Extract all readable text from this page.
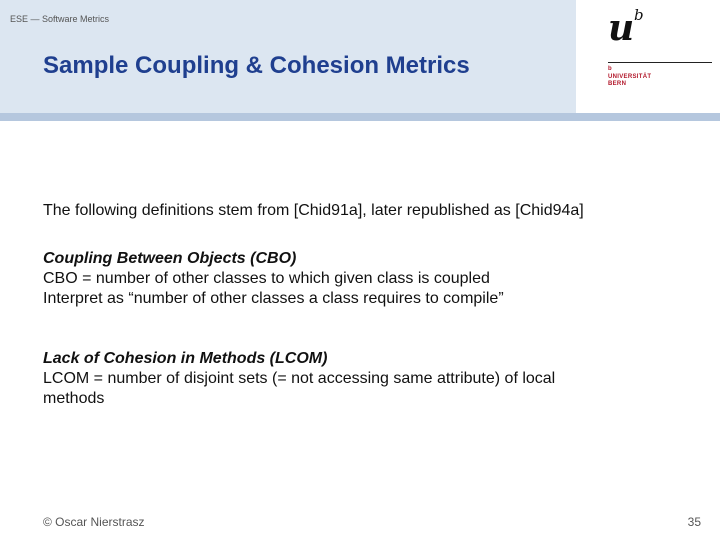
ESE — Software Metrics
Sample Coupling & Cohesion Metrics
u b
b
UNIVERSITÄT
BERN

The following definitions stem from [Chid91a], later republished as [Chid94a]

Coupling Between Objects (CBO)
CBO = number of other classes to which given class is coupled
Interpret as “number of other classes a class requires to compile”
Lack of Cohesion in Methods (LCOM)
LCOM = number of disjoint sets (= not accessing same attribute) of local
methods
© Oscar Nierstrasz	35
